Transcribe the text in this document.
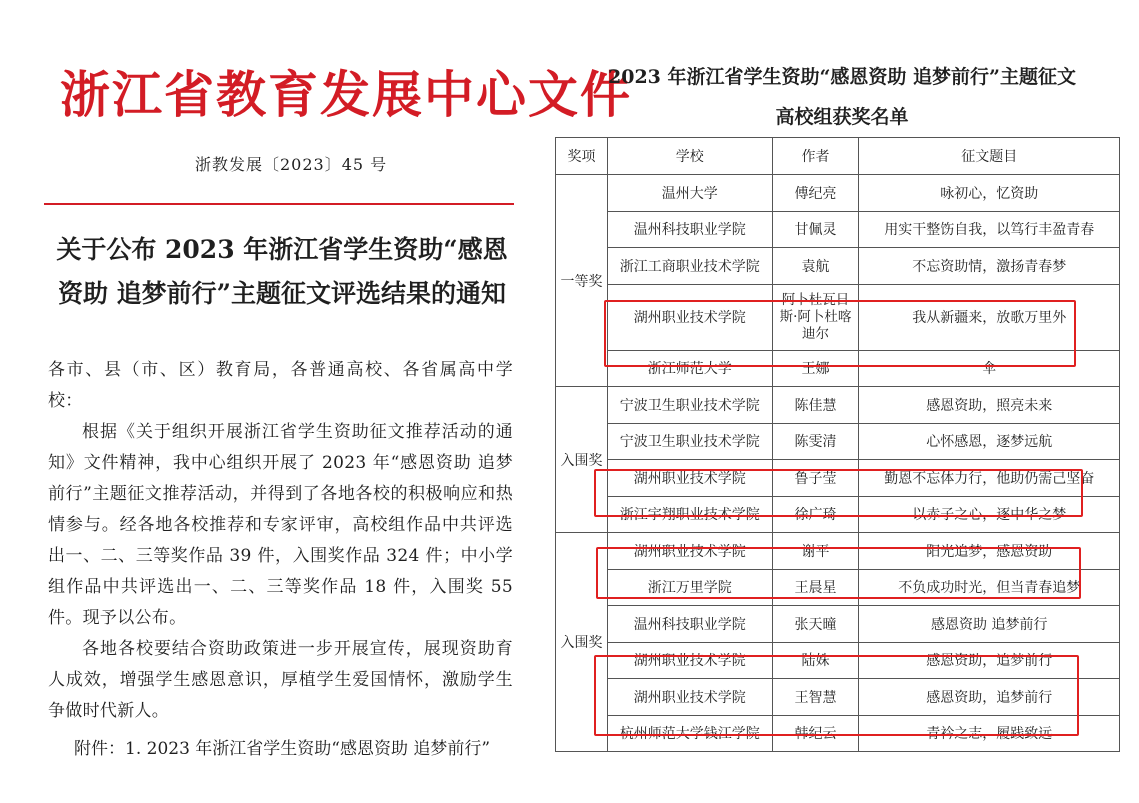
浙江省教育发展中心文件
浙教发展〔2023〕45 号
关于公布 2023 年浙江省学生资助“感恩资助 追梦前行”主题征文评选结果的通知

各市、县（市、区）教育局，各普通高校、各省属高中学校：

根据《关于组织开展浙江省学生资助征文推荐活动的通知》文件精神，我中心组织开展了 2023 年“感恩资助 追梦前行”主题征文推荐活动，并得到了各地各校的积极响应和热情参与。经各地各校推荐和专家评审，高校组作品中共评选出一、二、三等奖作品 39 件，入围奖作品 324 件；中小学组作品中共评选出一、二、三等奖作品 18 件，入围奖 55 件。现予以公布。

各地各校要结合资助政策进一步开展宣传，展现资助育人成效，增强学生感恩意识，厚植学生爱国情怀，激励学生争做时代新人。

附件：1. 2023 年浙江省学生资助“感恩资助 追梦前行”
2023 年浙江省学生资助“感恩资助 追梦前行”主题征文
高校组获奖名单
奖项	学校	作者	征文题目
一等奖	温州大学	傅纪亮	咏初心，忆资助
	温州科技职业学院	甘佩灵	用实干整饬自我，以笃行丰盈青春
	浙江工商职业技术学院	袁航	不忘资助情，激扬青春梦
	湖州职业技术学院	阿卜杜瓦日斯·阿卜杜喀迪尔	我从新疆来，放歌万里外
	浙江师范大学	王娜	伞
入围奖	宁波卫生职业技术学院	陈佳慧	感恩资助，照亮未来
	宁波卫生职业技术学院	陈雯清	心怀感恩，逐梦远航
	湖州职业技术学院	鲁子莹	勤恩不忘体力行，他助仍需己坚奋
	浙江宇翔职业技术学院	徐广琦	以赤子之心，逐中华之梦
入围奖	湖州职业技术学院	谢平	阳光追梦，感恩资助
	浙江万里学院	王晨星	不负成功时光，但当青春追梦
	温州科技职业学院	张天曈	感恩资助 追梦前行
	湖州职业技术学院	陆姝	感恩资助，追梦前行
	湖州职业技术学院	王智慧	感恩资助，追梦前行
	杭州师范大学钱江学院	韩纪云	青衿之志，履践致远
